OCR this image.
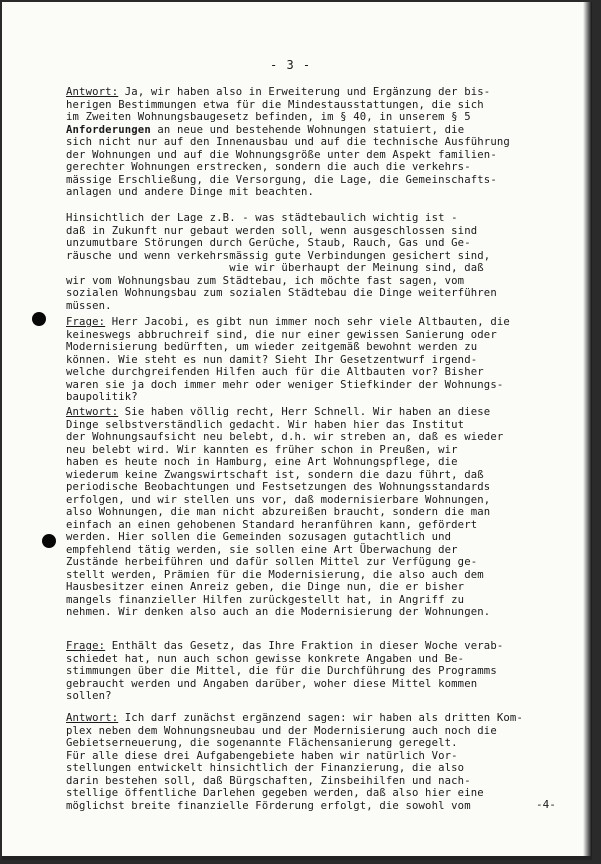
- 3 -
Antwort: Ja, wir haben also in Erweiterung und Ergänzung der bis-
herigen Bestimmungen etwa für die Mindestausstattungen, die sich
im Zweiten Wohnungsbaugesetz befinden, im § 40, in unserem § 5
Anforderungen an neue und bestehende Wohnungen statuiert, die
sich nicht nur auf den Innenausbau und auf die technische Ausführung
der Wohnungen und auf die Wohnungsgröße unter dem Aspekt familien-
gerechter Wohnungen erstrecken, sondern die auch die verkehrs-
mässige Erschließung, die Versorgung, die Lage, die Gemeinschafts-
anlagen und andere Dinge mit beachten.
Hinsichtlich der Lage z.B. - was städtebaulich wichtig ist -
daß in Zukunft nur gebaut werden soll, wenn ausgeschlossen sind
unzumutbare Störungen durch Gerüche, Staub, Rauch, Gas und Ge-
räusche und wenn verkehrsmässig gute Verbindungen gesichert sind,
wie wir überhaupt der Meinung sind, daß
wir vom Wohnungsbau zum Städtebau, ich möchte fast sagen, vom
sozialen Wohnungsbau zum sozialen Städtebau die Dinge weiterführen
müssen.
Frage: Herr Jacobi, es gibt nun immer noch sehr viele Altbauten, die
keineswegs abbruchreif sind, die nur einer gewissen Sanierung oder
Modernisierung bedürften, um wieder zeitgemäß bewohnt werden zu
können. Wie steht es nun damit? Sieht Ihr Gesetzentwurf irgend-
welche durchgreifenden Hilfen auch für die Altbauten vor? Bisher
waren sie ja doch immer mehr oder weniger Stiefkinder der Wohnungs-
baupolitik?
Antwort: Sie haben völlig recht, Herr Schnell. Wir haben an diese
Dinge selbstverständlich gedacht. Wir haben hier das Institut
der Wohnungsaufsicht neu belebt, d.h. wir streben an, daß es wieder
neu belebt wird. Wir kannten es früher schon in Preußen, wir
haben es heute noch in Hamburg, eine Art Wohnungspflege, die
wiederum keine Zwangswirtschaft ist, sondern die dazu führt, daß
periodische Beobachtungen und Festsetzungen des Wohnungsstandards
erfolgen, und wir stellen uns vor, daß modernisierbare Wohnungen,
also Wohnungen, die man nicht abzureißen braucht, sondern die man
einfach an einen gehobenen Standard heranführen kann, gefördert
werden. Hier sollen die Gemeinden sozusagen gutachtlich und
empfehlend tätig werden, sie sollen eine Art Überwachung der
Zustände herbeiführen und dafür sollen Mittel zur Verfügung ge-
stellt werden, Prämien für die Modernisierung, die also auch dem
Hausbesitzer einen Anreiz geben, die Dinge nun, die er bisher
mangels finanzieller Hilfen zurückgestellt hat, in Angriff zu
nehmen. Wir denken also auch an die Modernisierung der Wohnungen.
Frage: Enthält das Gesetz, das Ihre Fraktion in dieser Woche verab-
schiedet hat, nun auch schon gewisse konkrete Angaben und Be-
stimmungen über die Mittel, die für die Durchführung des Programms
gebraucht werden und Angaben darüber, woher diese Mittel kommen
sollen?
Antwort: Ich darf zunächst ergänzend sagen: wir haben als dritten Kom-
plex neben dem Wohnungsneubau und der Modernisierung auch noch die
Gebietserneuerung, die sogenannte Flächensanierung geregelt.
Für alle diese drei Aufgabengebiete haben wir natürlich Vor-
stellungen entwickelt hinsichtlich der Finanzierung, die also
darin bestehen soll, daß Bürgschaften, Zinsbeihilfen und nach-
stellige öffentliche Darlehen gegeben werden, daß also hier eine
möglichst breite finanzielle Förderung erfolgt, die sowohl vom	-4-
